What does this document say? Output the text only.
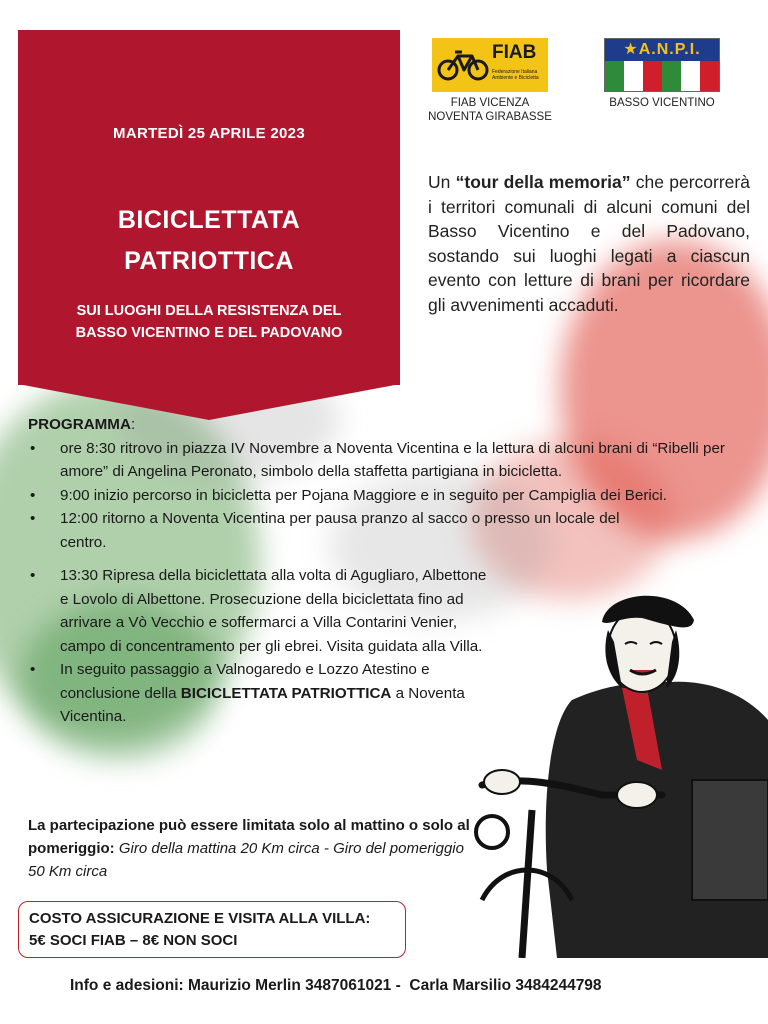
MARTEDÌ 25 APRILE 2023
BICICLETTATA
PATRIOTTICA
SUI LUOGHI DELLA RESISTENZA DEL
BASSO VICENTINO E DEL PADOVANO
FIAB
Federazione Italiana Ambiente e Bicicletta
FIAB VICENZA
NOVENTA GIRABASSE
★A.N.P.I.
BASSO VICENTINO
Un “tour della memoria” che percorrerà i territori comunali di alcuni comuni del Basso Vicentino e del Padovano, sostando sui luoghi legati a ciascun evento con letture di brani per ricordare gli avvenimenti accaduti.
PROGRAMMA:
• ore 8:30 ritrovo in piazza IV Novembre a Noventa Vicentina e la lettura di alcuni brani di “Ribelli per amore” di Angelina Peronato, simbolo della staffetta partigiana in bicicletta.
• 9:00 inizio percorso in bicicletta per Pojana Maggiore e in seguito per Campiglia dei Berici.
• 12:00 ritorno a Noventa Vicentina per pausa pranzo al sacco o presso un locale del centro.
• 13:30 Ripresa della biciclettata alla volta di Agugliaro, Albettone e Lovolo di Albettone. Prosecuzione della biciclettata fino ad arrivare a Vò Vecchio e soffermarci a Villa Contarini Venier, campo di concentramento per gli ebrei. Visita guidata alla Villa.
• In seguito passaggio a Valnogaredo e Lozzo Atestino e conclusione della BICICLETTATA PATRIOTTICA a Noventa Vicentina.
La partecipazione può essere limitata solo al mattino o solo al pomeriggio: Giro della mattina 20 Km circa - Giro del pomeriggio 50 Km circa
COSTO ASSICURAZIONE E VISITA ALLA VILLA:
5€ SOCI FIAB – 8€ NON SOCI
Info e adesioni: Maurizio Merlin 3487061021 -  Carla Marsilio 3484244798
